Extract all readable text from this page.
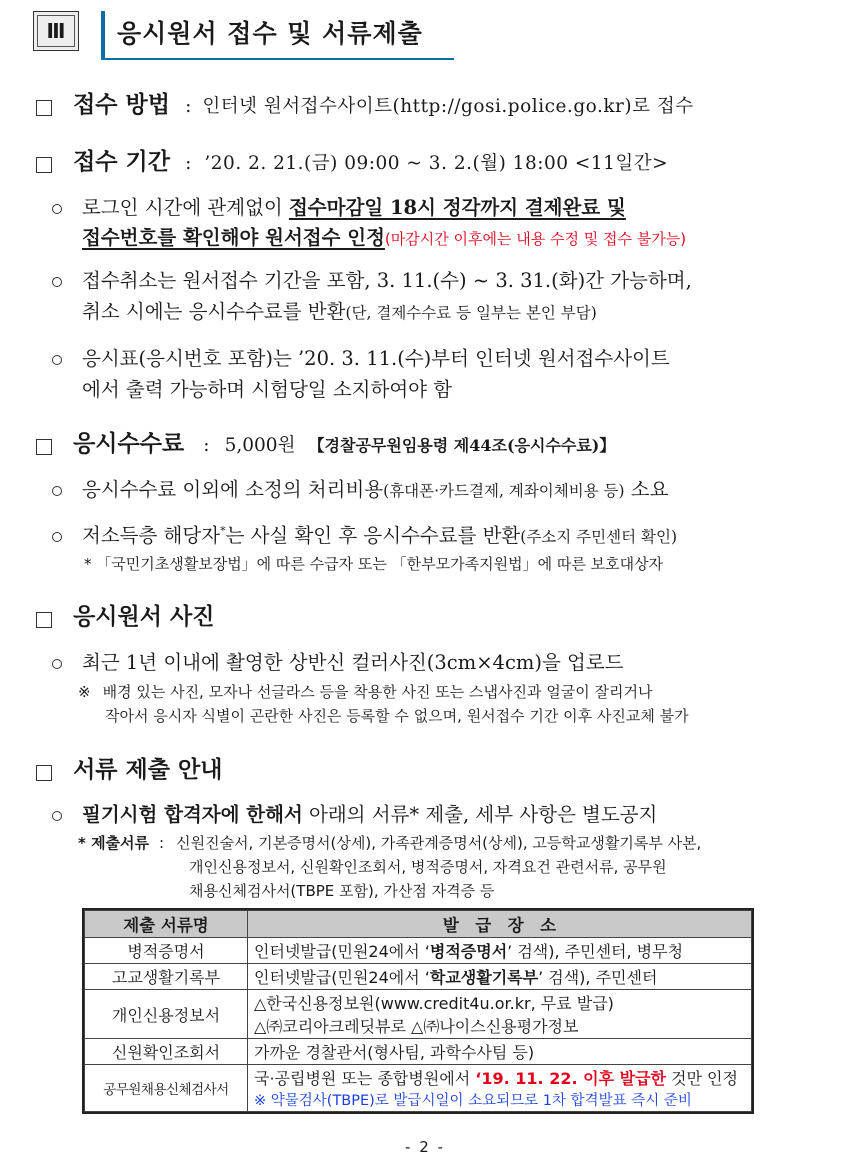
Ⅲ 응시원서 접수 및 서류제출
접수 방법 : 인터넷 원서접수사이트(http://gosi.police.go.kr)로 접수
접수 기간 : ’20. 2. 21.(금) 09:00 ~ 3. 2.(월) 18:00 <11일간>
로그인 시간에 관계없이 접수마감일 18시 정각까지 결제완료 및
접수번호를 확인해야 원서접수 인정(마감시간 이후에는 내용 수정 및 접수 불가능)
접수취소는 원서접수 기간을 포함, 3. 11.(수) ~ 3. 31.(화)간 가능하며,
취소 시에는 응시수수료를 반환(단, 결제수수료 등 일부는 본인 부담)
응시표(응시번호 포함)는 ’20. 3. 11.(수)부터 인터넷 원서접수사이트
에서 출력 가능하며 시험당일 소지하여야 함
응시수수료 : 5,000원 【경찰공무원임용령 제44조(응시수수료)】
응시수수료 이외에 소정의 처리비용(휴대폰·카드결제, 계좌이체비용 등) 소요
저소득층 해당자*는 사실 확인 후 응시수수료를 반환(주소지 주민센터 확인)
* 「국민기초생활보장법」에 따른 수급자 또는 「한부모가족지원법」에 따른 보호대상자
응시원서 사진
최근 1년 이내에 촬영한 상반신 컬러사진(3cm×4cm)을 업로드
※ 배경 있는 사진, 모자나 선글라스 등을 착용한 사진 또는 스냅사진과 얼굴이 잘리거나
작아서 응시자 식별이 곤란한 사진은 등록할 수 없으며, 원서접수 기간 이후 사진교체 불가
서류 제출 안내
필기시험 합격자에 한해서 아래의 서류* 제출, 세부 사항은 별도공지
* 제출서류 : 신원진술서, 기본증명서(상세), 가족관계증명서(상세), 고등학교생활기록부 사본,
개인신용정보서, 신원확인조회서, 병적증명서, 자격요건 관련서류, 공무원
채용신체검사서(TBPE 포함), 가산점 자격증 등
제출 서류명	발　급　장　소
병적증명서	인터넷발급(민원24에서 ‘병적증명서’ 검색), 주민센터, 병무청
고교생활기록부	인터넷발급(민원24에서 ‘학교생활기록부’ 검색), 주민센터
개인신용정보서	△한국신용정보원(www.credit4u.or.kr, 무료 발급)
△㈜코리아크레딧뷰로 △㈜나이스신용평가정보

신원확인조회서	가까운 경찰관서(형사팀, 과학수사팀 등)
공무원채용신체검사서	국·공립병원 또는 종합병원에서 ‘19. 11. 22. 이후 발급한 것만 인정
※ 약물검사(TBPE)로 발급시일이 소요되므로 1차 합격발표 즉시 준비
- 2 -
